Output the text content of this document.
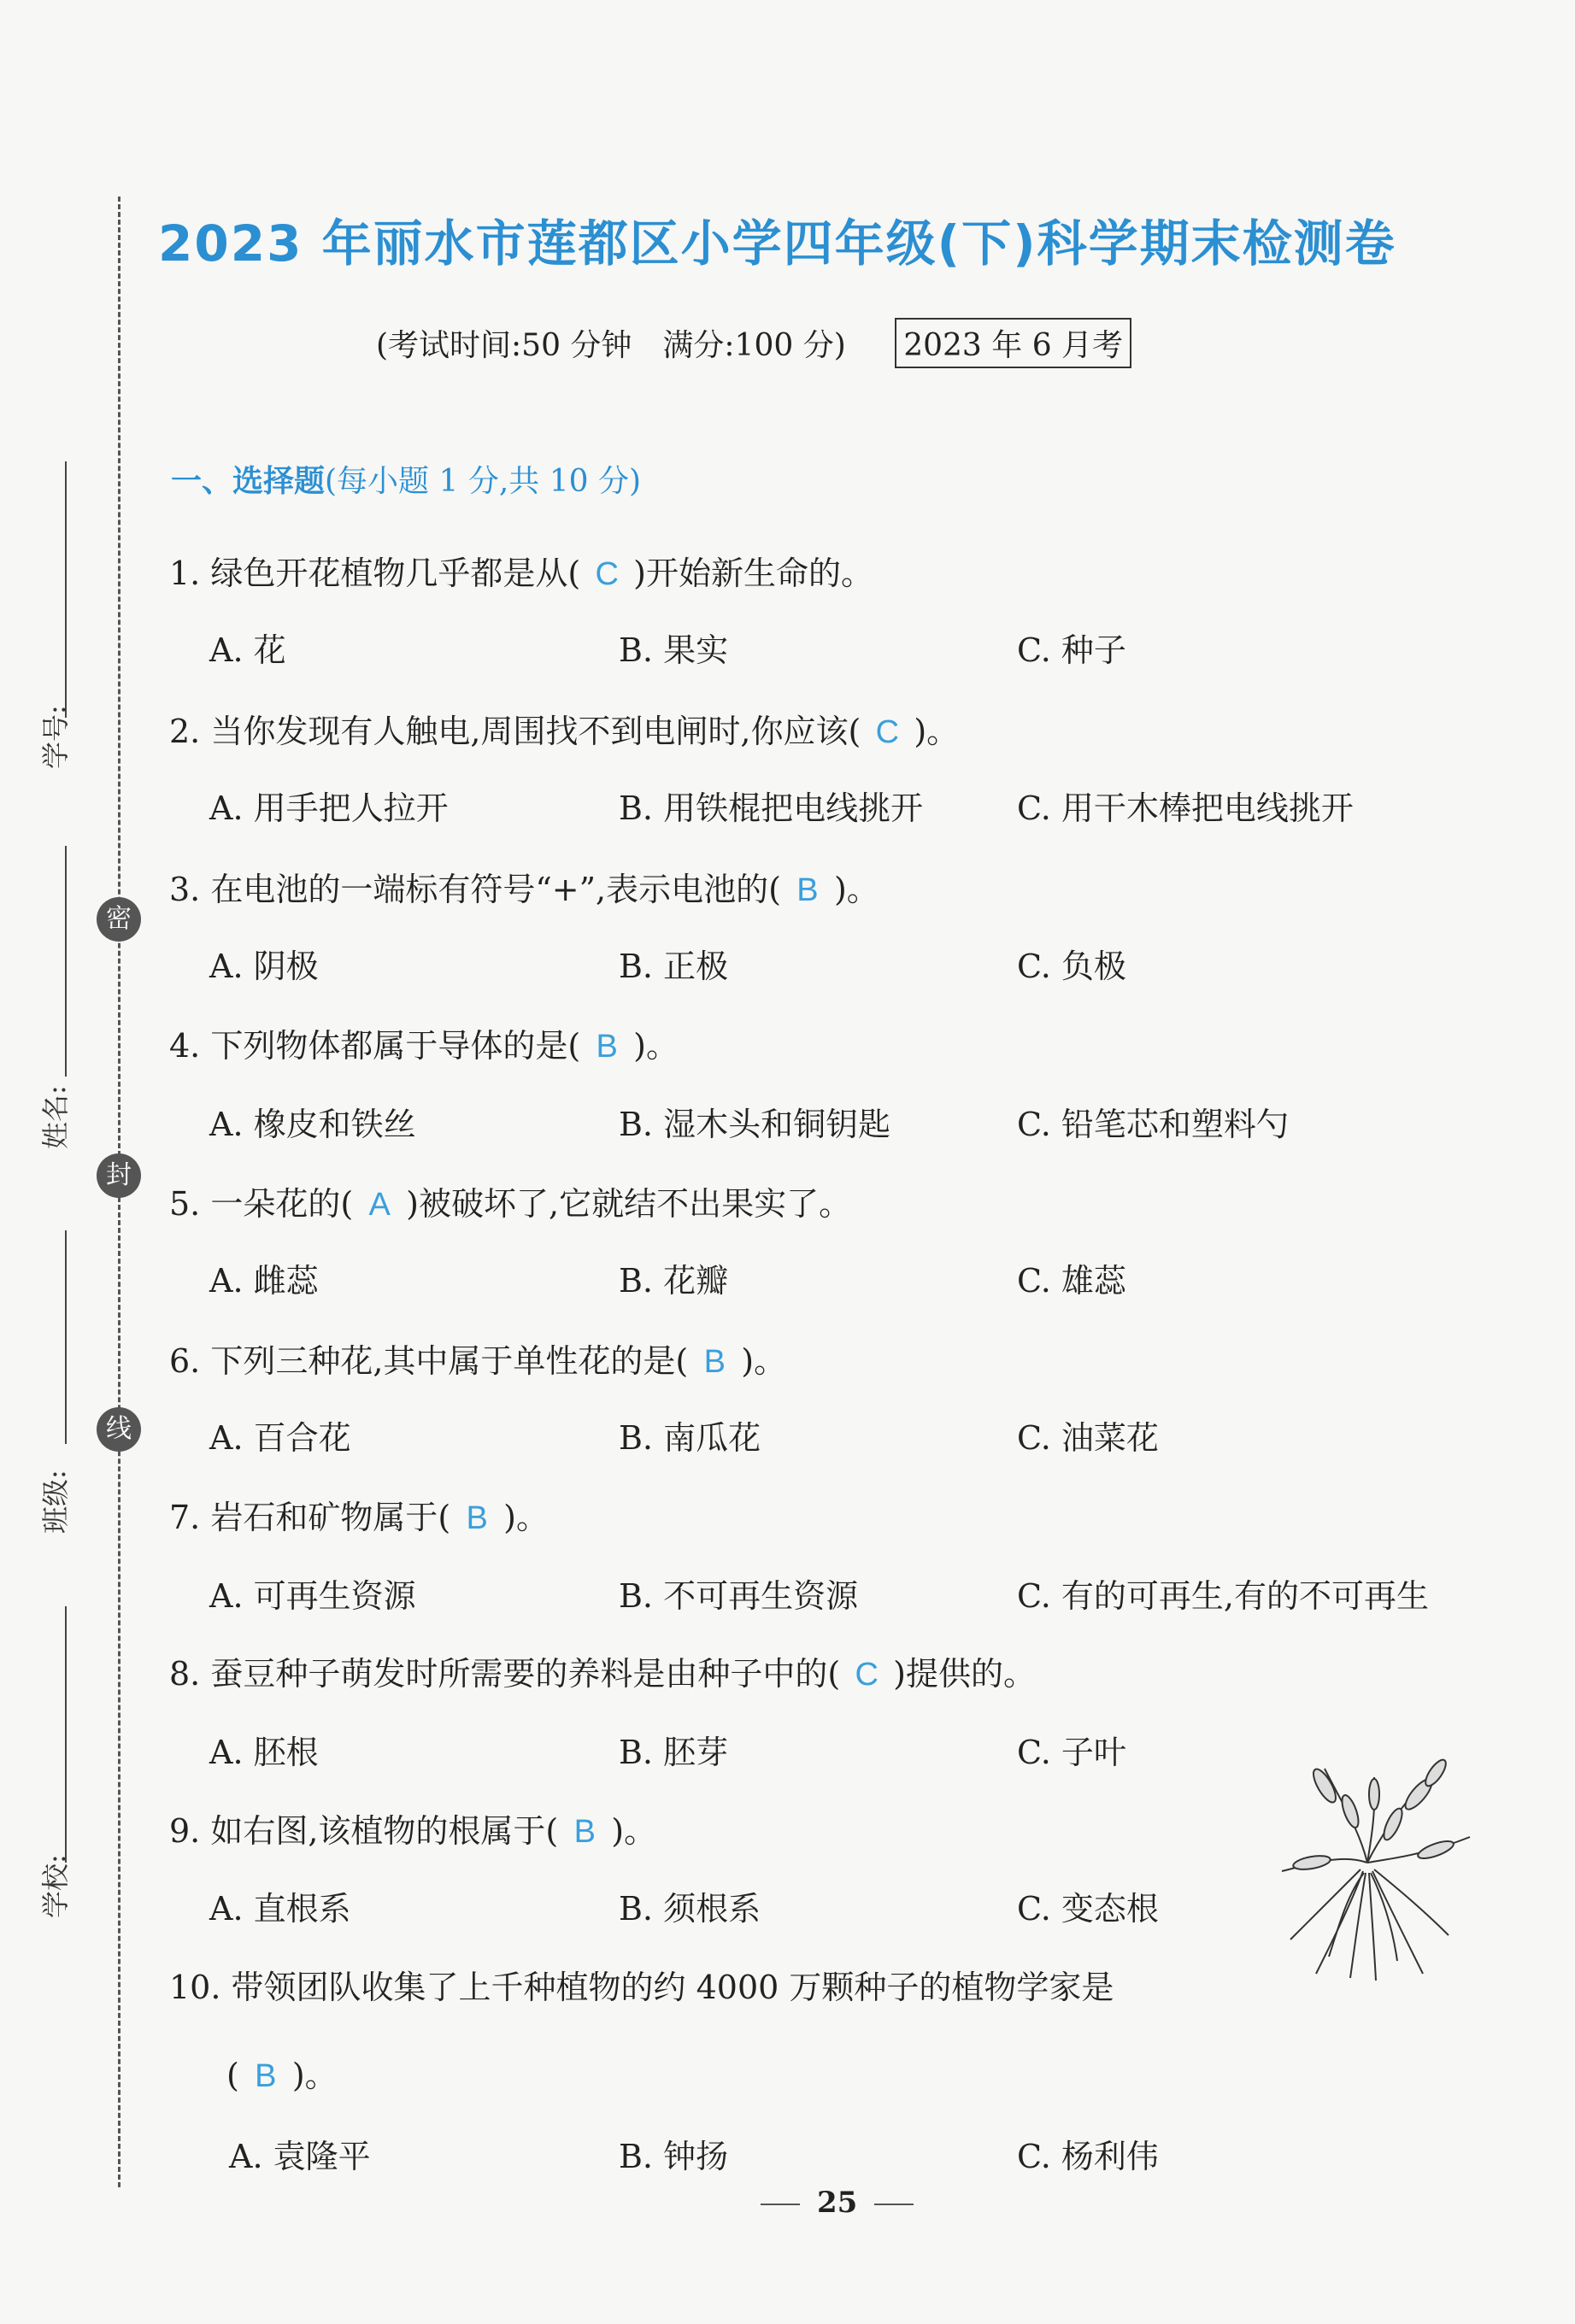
学号:
姓名:
班级:
学校:
密
封
线
2023 年丽水市莲都区小学四年级(下)科学期末检测卷
(考试时间:50 分钟　满分:100 分) 2023 年 6 月考
一、选择题(每小题 1 分,共 10 分)
1. 绿色开花植物几乎都是从( C )开始新生命的。
A. 花	B. 果实	C. 种子
2. 当你发现有人触电,周围找不到电闸时,你应该( C )。
A. 用手把人拉开	B. 用铁棍把电线挑开	C. 用干木棒把电线挑开
3. 在电池的一端标有符号“+”,表示电池的( B )。
A. 阴极	B. 正极	C. 负极
4. 下列物体都属于导体的是( B )。
A. 橡皮和铁丝	B. 湿木头和铜钥匙	C. 铅笔芯和塑料勺
5. 一朵花的( A )被破坏了,它就结不出果实了。
A. 雌蕊	B. 花瓣	C. 雄蕊
6. 下列三种花,其中属于单性花的是( B )。
A. 百合花	B. 南瓜花	C. 油菜花
7. 岩石和矿物属于( B )。
A. 可再生资源	B. 不可再生资源	C. 有的可再生,有的不可再生
8. 蚕豆种子萌发时所需要的养料是由种子中的( C )提供的。
A. 胚根	B. 胚芽	C. 子叶
9. 如右图,该植物的根属于( B )。
A. 直根系	B. 须根系	C. 变态根
10. 带领团队收集了上千种植物的约 4000 万颗种子的植物学家是
( B )。
A. 袁隆平	B. 钟扬	C. 杨利伟
25
